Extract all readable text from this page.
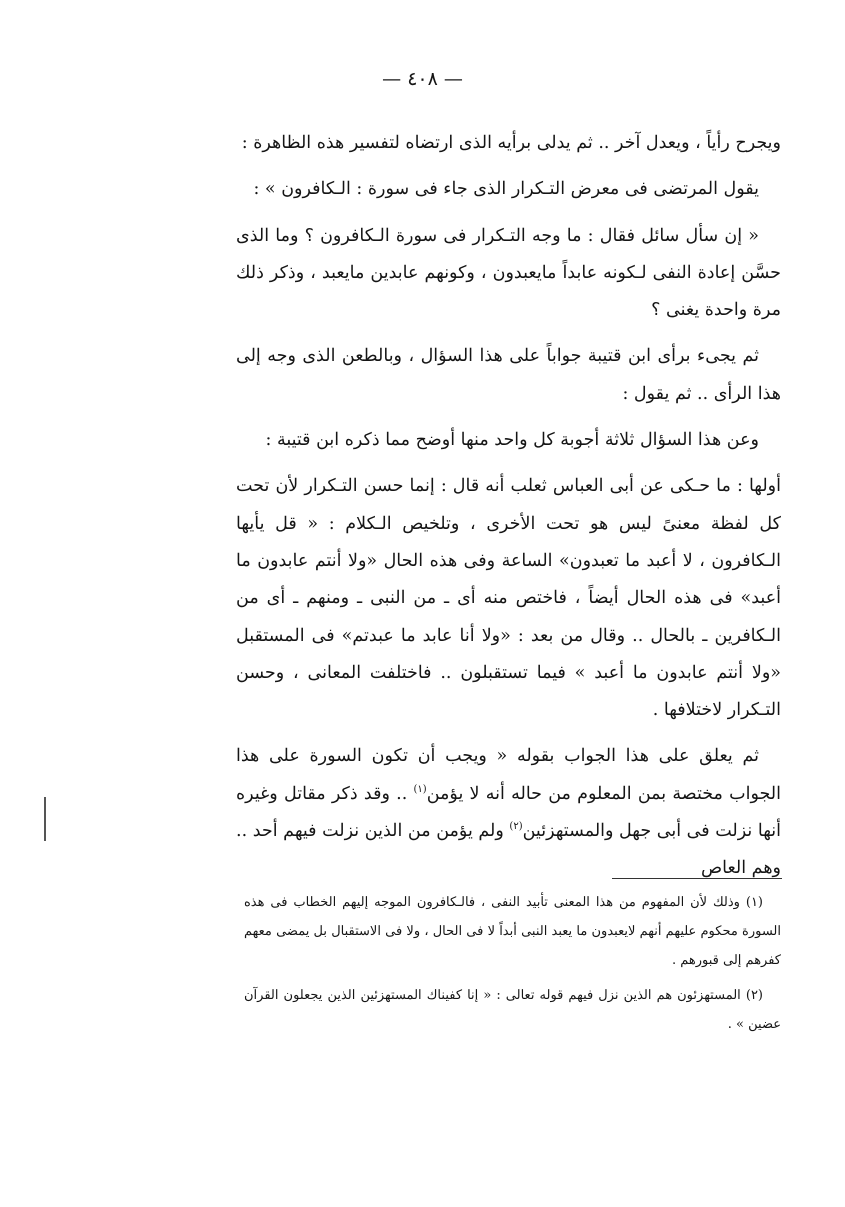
— ٤٠٨ —

ويجرح رأياً ، ويعدل آخر .. ثم يدلى برأيه الذى ارتضاه لتفسير هذه الظاهرة :

يقول المرتضى فى معرض التـكرار الذى جاء فى سورة : الـكافرون » :

« إن سأل سائل فقال : ما وجه التـكرار فى سورة الـكافرون ؟ وما الذى حسَّن إعادة النفى لـكونه عابداً مايعبدون ، وكونهم عابدين مايعبد ، وذكر ذلك مرة واحدة يغنى ؟

ثم يجىء برأى ابن قتيبة جواباً على هذا السؤال ، وبالطعن الذى وجه إلى هذا الرأى .. ثم يقول :

وعن هذا السؤال ثلاثة أجوبة كل واحد منها أوضح مما ذكره ابن قتيبة :

أولها : ما حـكى عن أبى العباس ثعلب أنه قال : إنما حسن التـكرار لأن تحت كل لفظة معنىً ليس هو تحت الأخرى ، وتلخيص الـكلام : « قل يأيها الـكافرون ، لا أعبد ما تعبدون» الساعة وفى هذه الحال «ولا أنتم عابدون ما أعبد» فى هذه الحال أيضاً ، فاختص منه أى ـ من النبى ـ ومنهم ـ أى من الـكافرين ـ بالحال .. وقال من بعد : «ولا أنا عابد ما عبدتم» فى المستقبل «ولا أنتم عابدون ما أعبد » فيما تستقبلون .. فاختلفت المعانى ، وحسن التـكرار لاختلافها .

ثم يعلق على هذا الجواب بقوله « ويجب أن تكون السورة على هذا الجواب مختصة بمن المعلوم من حاله أنه لا يؤمن$^{(١)}$ .. وقد ذكر مقاتل وغيره أنها نزلت فى أبى جهل والمستهزئين$^{(٢)}$ ولم يؤمن من الذين نزلت فيهم أحد .. وهم العاص

(١) وذلك لأن المفهوم من هذا المعنى تأبيد النفى ، فالـكافرون الموجه إليهم الخطاب فى هذه السورة محكوم عليهم أنهم لايعبدون ما يعبد النبى أبداً لا فى الحال ، ولا فى الاستقبال بل يمضى معهم كفرهم إلى قبورهم .

(٢) المستهزئون هم الذين نزل فيهم قوله تعالى : « إنا كفيناك المستهزئين الذين يجعلون القرآن عضين » .
